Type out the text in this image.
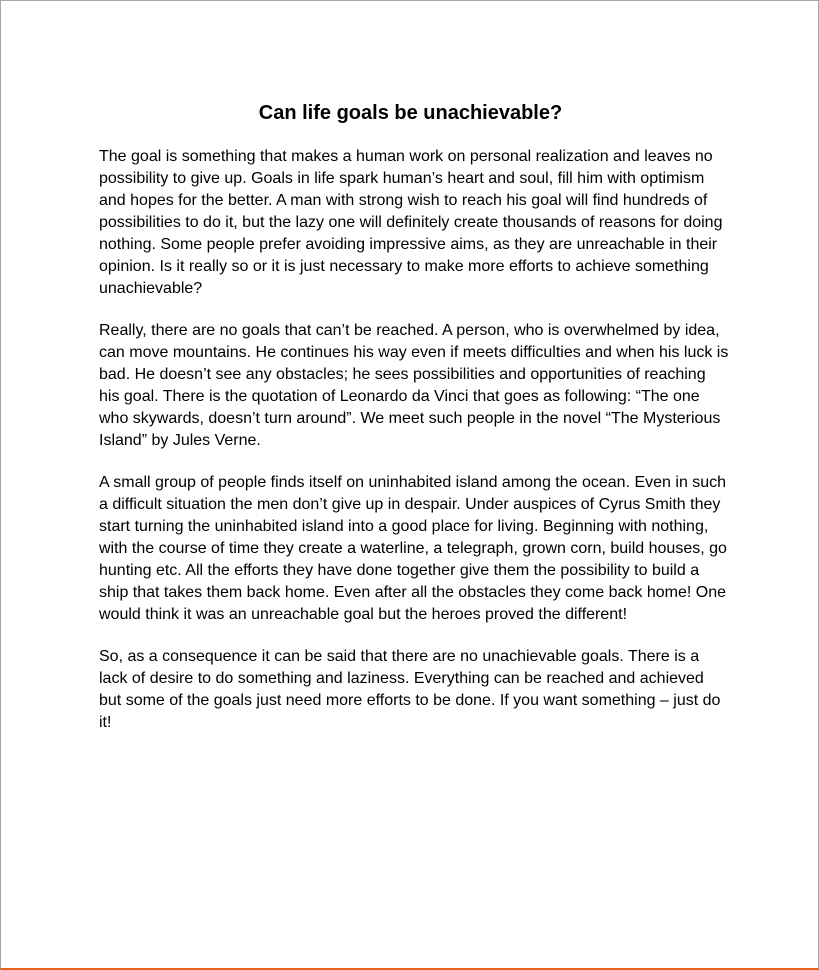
Can life goals be unachievable?

The goal is something that makes a human work on personal realization and leaves no possibility to give up. Goals in life spark human’s heart and soul, fill him with optimism and hopes for the better. A man with strong wish to reach his goal will find hundreds of possibilities to do it, but the lazy one will definitely create thousands of reasons for doing nothing. Some people prefer avoiding impressive aims, as they are unreachable in their opinion. Is it really so or it is just necessary to make more efforts to achieve something unachievable?

Really, there are no goals that can’t be reached. A person, who is overwhelmed by idea, can move mountains. He continues his way even if meets difficulties and when his luck is bad. He doesn’t see any obstacles; he sees possibilities and opportunities of reaching his goal. There is the quotation of Leonardo da Vinci that goes as following: “The one who skywards, doesn’t turn around”. We meet such people in the novel “The Mysterious Island” by Jules Verne.

A small group of people finds itself on uninhabited island among the ocean. Even in such a difficult situation the men don’t give up in despair. Under auspices of Cyrus Smith they start turning the uninhabited island into a good place for living. Beginning with nothing, with the course of time they create a waterline, a telegraph, grown corn, build houses, go hunting etc. All the efforts they have done together give them the possibility to build a ship that takes them back home. Even after all the obstacles they come back home! One would think it was an unreachable goal but the heroes proved the different!

So, as a consequence it can be said that there are no unachievable goals. There is a lack of desire to do something and laziness. Everything can be reached and achieved but some of the goals just need more efforts to be done. If you want something – just do it!
